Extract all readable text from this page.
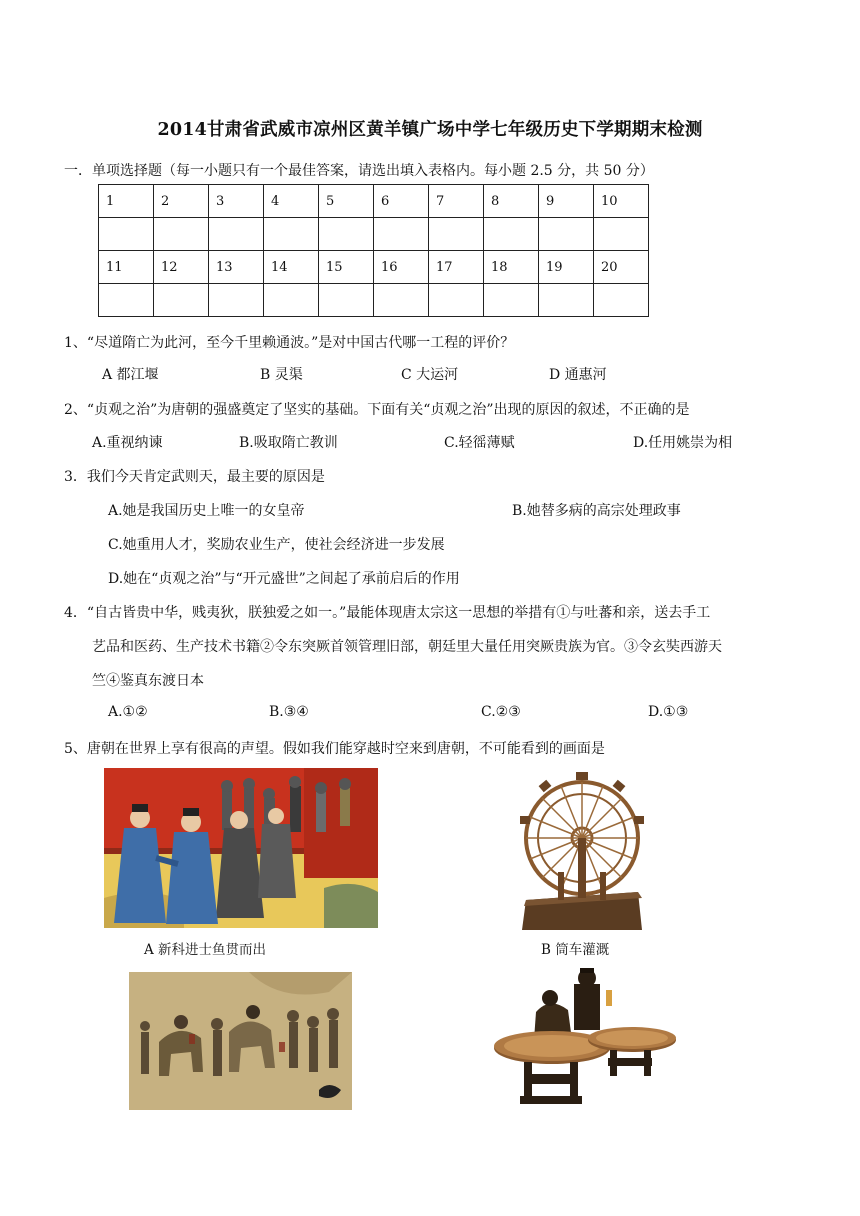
2014甘肃省武威市凉州区黄羊镇广场中学七年级历史下学期期末检测
一．单项选择题（每一小题只有一个最佳答案，请选出填入表格内。每小题 2.5 分，共 50 分）
1	2	3	4	5	6	7	8	9	10

11	12	13	14	15	16	17	18	19	20

1、“尽道隋亡为此河，至今千里赖通波。”是对中国古代哪一工程的评价？
A 都江堰	B 灵渠	C 大运河	D 通惠河
2、“贞观之治”为唐朝的强盛奠定了坚实的基础。下面有关“贞观之治”出现的原因的叙述，不正确的是
A.重视纳谏	B.吸取隋亡教训	C.轻徭薄赋	D.任用姚崇为相
3．我们今天肯定武则天，最主要的原因是
A.她是我国历史上唯一的女皇帝	B.她替多病的高宗处理政事
C.她重用人才，奖励农业生产，使社会经济进一步发展
D.她在“贞观之治”与“开元盛世”之间起了承前启后的作用
4．“自古皆贵中华，贱夷狄，朕独爱之如一。”最能体现唐太宗这一思想的举措有①与吐蕃和亲，送去手工
艺品和医药、生产技术书籍②令东突厥首领管理旧部，朝廷里大量任用突厥贵族为官。③令玄奘西游天
竺④鉴真东渡日本
A.①②	B.③④	C.②③	D.①③
5、唐朝在世界上享有很高的声望。假如我们能穿越时空来到唐朝，不可能看到的画面是
A 新科进士鱼贯而出	B 筒车灌溉
